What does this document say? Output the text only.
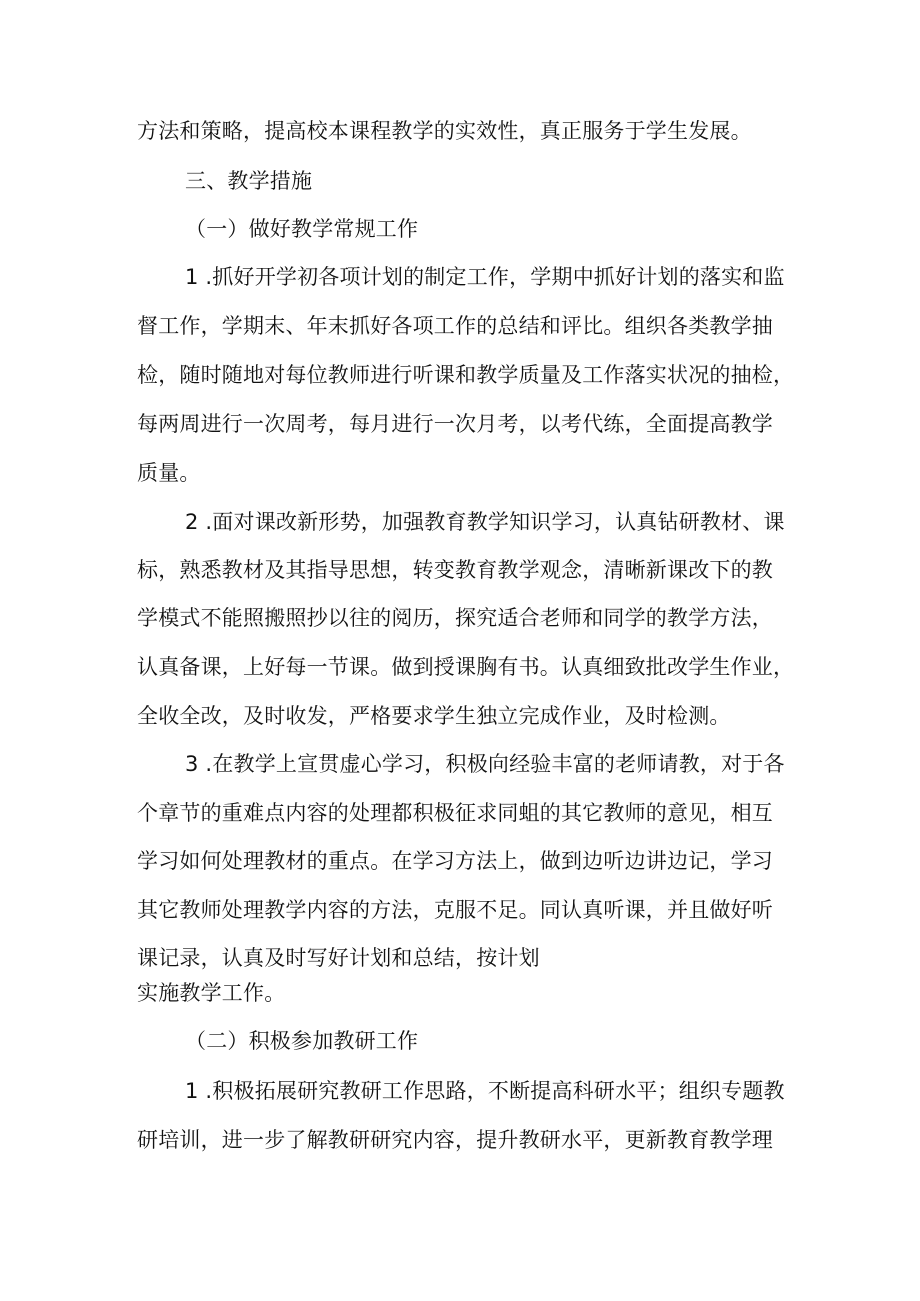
方法和策略，提高校本课程教学的实效性，真正服务于学生发展。
三、教学措施
（一）做好教学常规工作
1 .抓好开学初各项计划的制定工作，学期中抓好计划的落实和监
督工作，学期末、年末抓好各项工作的总结和评比。组织各类教学抽
检，随时随地对每位教师进行听课和教学质量及工作落实状况的抽检，
每两周进行一次周考，每月进行一次月考，以考代练，全面提高教学
质量。
2 .面对课改新形势，加强教育教学知识学习，认真钻研教材、课
标，熟悉教材及其指导思想，转变教育教学观念，清晰新课改下的教
学模式不能照搬照抄以往的阅历，探究适合老师和同学的教学方法，
认真备课，上好每一节课。做到授课胸有书。认真细致批改学生作业，
全收全改，及时收发，严格要求学生独立完成作业，及时检测。
3 .在教学上宣贯虚心学习，积极向经验丰富的老师请教，对于各
个章节的重难点内容的处理都积极征求同蛆的其它教师的意见，相互
学习如何处理教材的重点。在学习方法上，做到边听边讲边记，学习
其它教师处理教学内容的方法，克服不足。同认真听课，并且做好听
课记录，认真及时写好计划和总结，按计划
实施教学工作。
（二）积极参加教研工作
1 .积极拓展研究教研工作思路，不断提高科研水平；组织专题教
研培训，进一步了解教研研究内容，提升教研水平，更新教育教学理
